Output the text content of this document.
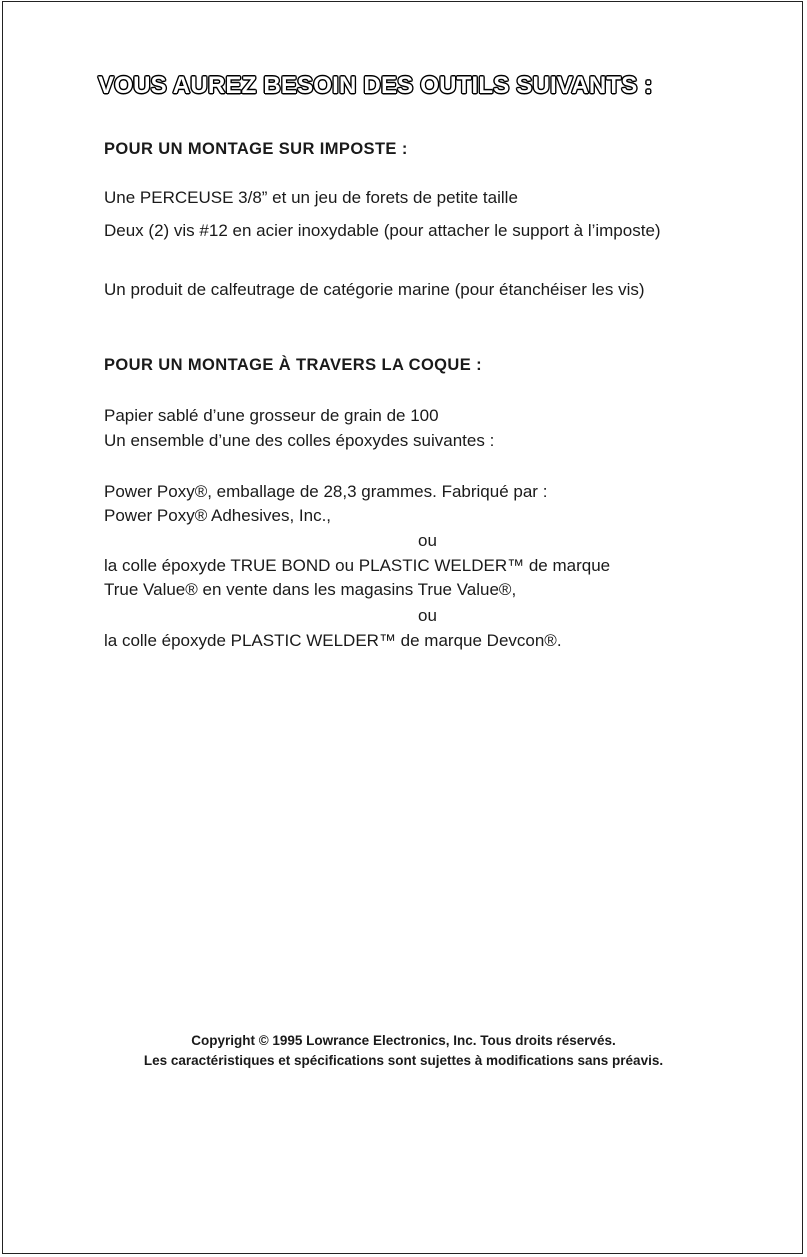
VOUS AUREZ BESOIN DES OUTILS SUIVANTS :
POUR UN MONTAGE SUR IMPOSTE :

Une PERCEUSE 3/8” et un jeu de forets de petite taille

Deux (2) vis #12 en acier inoxydable (pour attacher le support à l’imposte)

Un produit de calfeutrage de catégorie marine (pour étanchéiser les vis)

POUR UN MONTAGE À TRAVERS LA COQUE :

Papier sablé d’une grosseur de grain de 100

Un ensemble d’une des colles époxydes suivantes :

Power Poxy®, emballage de 28,3 grammes. Fabriqué par :

Power Poxy® Adhesives, Inc.,

ou

la colle époxyde TRUE BOND ou PLASTIC WELDER™ de marque

True Value® en vente dans les magasins True Value®,

ou

la colle époxyde PLASTIC WELDER™ de marque Devcon®.

Copyright © 1995 Lowrance Electronics, Inc. Tous droits réservés.

Les caractéristiques et spécifications sont sujettes à modifications sans préavis.
